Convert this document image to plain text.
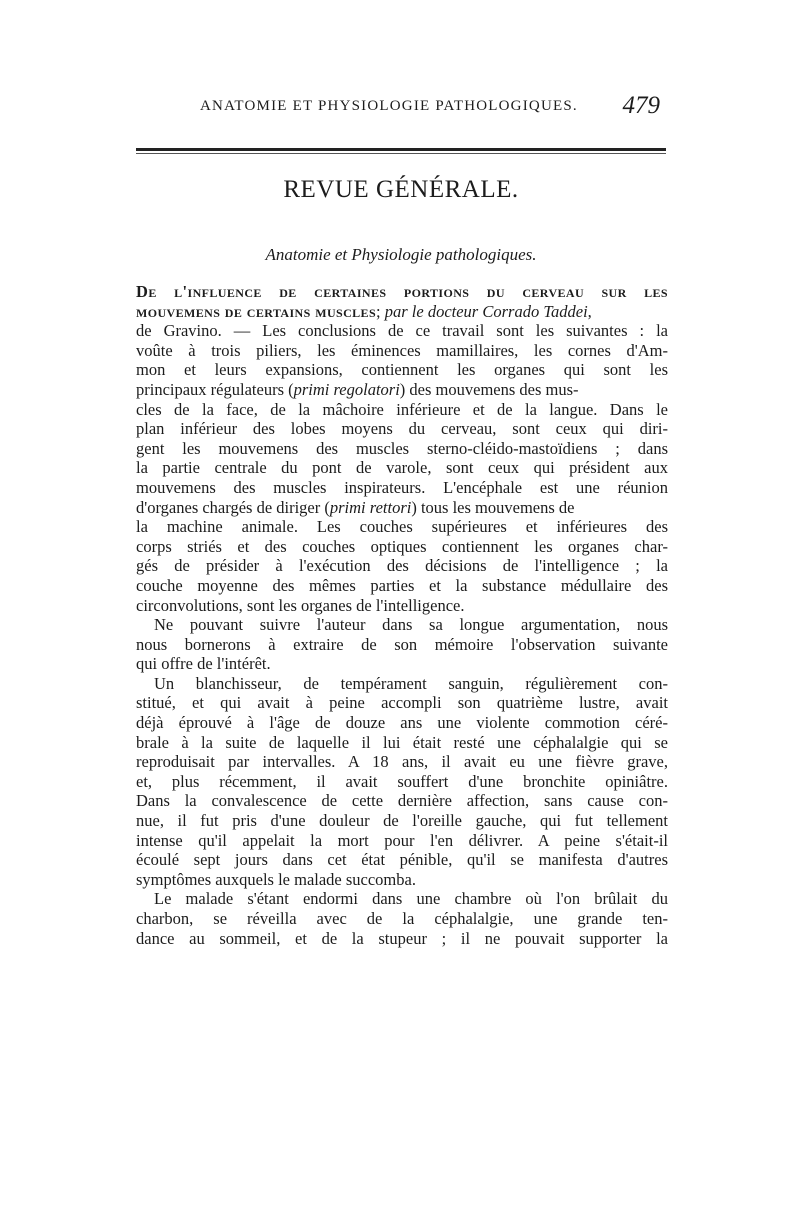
ANATOMIE ET PHYSIOLOGIE PATHOLOGIQUES. 479
REVUE GÉNÉRALE.
Anatomie et Physiologie pathologiques.
De l'influence de certaines portions du cerveau sur les
mouvemens de certains muscles; par le docteur Corrado Taddei,
de Gravino. — Les conclusions de ce travail sont les suivantes : la
voûte à trois piliers, les éminences mamillaires, les cornes d'Am-
mon et leurs expansions, contiennent les organes qui sont les
principaux régulateurs (primi regolatori) des mouvemens des mus-
cles de la face, de la mâchoire inférieure et de la langue. Dans le
plan inférieur des lobes moyens du cerveau, sont ceux qui diri-
gent les mouvemens des muscles sterno-cléido-mastoïdiens ; dans
la partie centrale du pont de varole, sont ceux qui président aux
mouvemens des muscles inspirateurs. L'encéphale est une réunion
d'organes chargés de diriger (primi rettori) tous les mouvemens de
la machine animale. Les couches supérieures et inférieures des
corps striés et des couches optiques contiennent les organes char-
gés de présider à l'exécution des décisions de l'intelligence ; la
couche moyenne des mêmes parties et la substance médullaire des
circonvolutions, sont les organes de l'intelligence.
Ne pouvant suivre l'auteur dans sa longue argumentation, nous
nous bornerons à extraire de son mémoire l'observation suivante
qui offre de l'intérêt.
Un blanchisseur, de tempérament sanguin, régulièrement con-
stitué, et qui avait à peine accompli son quatrième lustre, avait
déjà éprouvé à l'âge de douze ans une violente commotion céré-
brale à la suite de laquelle il lui était resté une céphalalgie qui se
reproduisait par intervalles. A 18 ans, il avait eu une fièvre grave,
et, plus récemment, il avait souffert d'une bronchite opiniâtre.
Dans la convalescence de cette dernière affection, sans cause con-
nue, il fut pris d'une douleur de l'oreille gauche, qui fut tellement
intense qu'il appelait la mort pour l'en délivrer. A peine s'était-il
écoulé sept jours dans cet état pénible, qu'il se manifesta d'autres
symptômes auxquels le malade succomba.
Le malade s'étant endormi dans une chambre où l'on brûlait du
charbon, se réveilla avec de la céphalalgie, une grande ten-
dance au sommeil, et de la stupeur ; il ne pouvait supporter la
